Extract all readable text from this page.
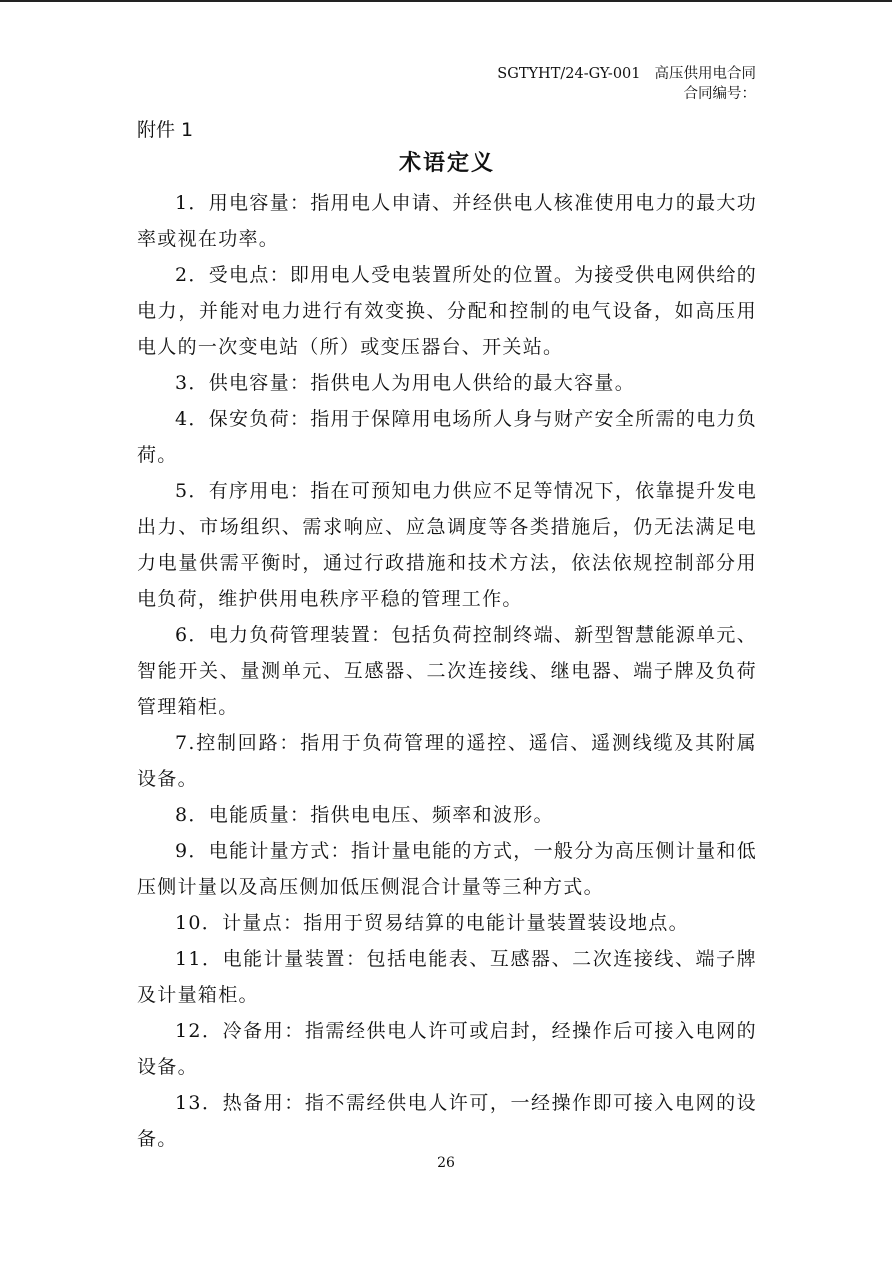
SGTYHT/24-GY-001 高压供用电合同
合同编号：
附件 1
术语定义

1．用电容量：指用电人申请、并经供电人核准使用电力的最大功率或视在功率。

2．受电点：即用电人受电装置所处的位置。为接受供电网供给的电力，并能对电力进行有效变换、分配和控制的电气设备，如高压用电人的一次变电站（所）或变压器台、开关站。

3．供电容量：指供电人为用电人供给的最大容量。

4．保安负荷：指用于保障用电场所人身与财产安全所需的电力负荷。

5．有序用电：指在可预知电力供应不足等情况下，依靠提升发电出力、市场组织、需求响应、应急调度等各类措施后，仍无法满足电力电量供需平衡时，通过行政措施和技术方法，依法依规控制部分用电负荷，维护供用电秩序平稳的管理工作。

6．电力负荷管理装置：包括负荷控制终端、新型智慧能源单元、智能开关、量测单元、互感器、二次连接线、继电器、端子牌及负荷管理箱柜。

7.控制回路：指用于负荷管理的遥控、遥信、遥测线缆及其附属设备。

8．电能质量：指供电电压、频率和波形。

9．电能计量方式：指计量电能的方式，一般分为高压侧计量和低压侧计量以及高压侧加低压侧混合计量等三种方式。

10．计量点：指用于贸易结算的电能计量装置装设地点。

11．电能计量装置：包括电能表、互感器、二次连接线、端子牌及计量箱柜。

12．冷备用：指需经供电人许可或启封，经操作后可接入电网的设备。

13．热备用：指不需经供电人许可，一经操作即可接入电网的设备。

26
